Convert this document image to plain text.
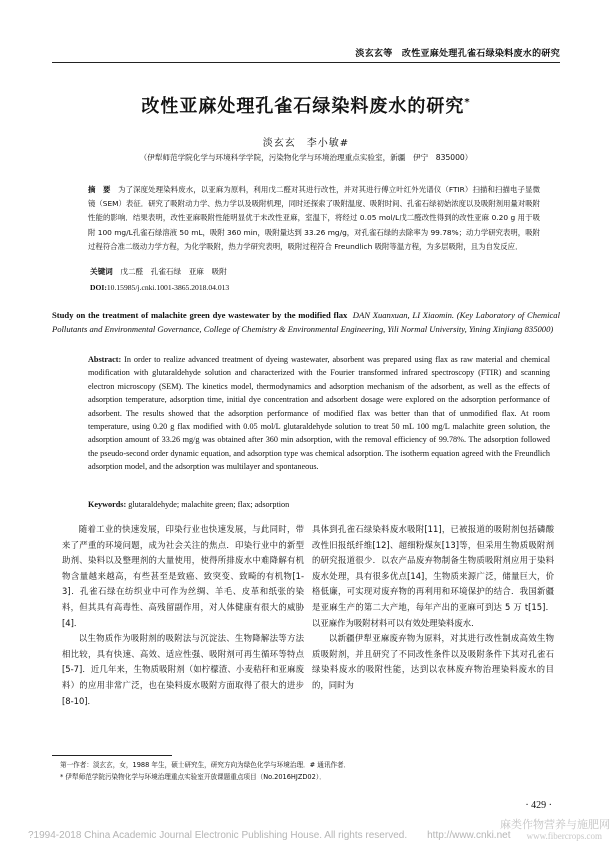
淡玄玄等　改性亚麻处理孔雀石绿染料废水的研究
改性亚麻处理孔雀石绿染料废水的研究*
淡玄玄　李小敏#
（伊犁师范学院化学与环境科学学院，污染物化学与环境治理重点实验室，新疆　伊宁　835000）
摘　要　 为了深度处理染料废水，以亚麻为原料，利用戊二醛对其进行改性，并对其进行傅立叶红外光谱仪（FTIR）扫描和扫描电子显微镜（SEM）表征．研究了吸附动力学、热力学以及吸附机理，同时还探索了吸附温度、吸附时间、孔雀石绿初始浓度以及吸附剂用量对吸附性能的影响．结果表明，改性亚麻吸附性能明显优于未改性亚麻，室温下，将经过 0.05 mol/L戊二醛改性得到的改性亚麻 0.20 g 用于吸附 100 mg/L孔雀石绿溶液 50 mL，吸附 360 min，吸附量达到 33.26 mg/g，对孔雀石绿的去除率为 99.78%；动力学研究表明，吸附过程符合准二级动力学方程，为化学吸附，热力学研究表明，吸附过程符合 Freundlich 吸附等温方程，为多层吸附，且为自发反应．
关键词　 戊二醛　孔雀石绿　亚麻　吸附
DOI:10.15985/j.cnki.1001-3865.2018.04.013
Study on the treatment of malachite green dye wastewater by the modified flax DAN Xuanxuan, LI Xiaomin. (Key Laboratory of Chemical Pollutants and Environmental Governance, College of Chemistry & Environmental Engineering, Yili Normal University, Yining Xinjiang 835000)
Abstract: In order to realize advanced treatment of dyeing wastewater, absorbent was prepared using flax as raw material and chemical modification with glutaraldehyde solution and characterized with the Fourier transformed infrared spectroscopy (FTIR) and scanning electron microscopy (SEM). The kinetics model, thermodynamics and adsorption mechanism of the adsorbent, as well as the effects of adsorption temperature, adsorption time, initial dye concentration and adsorbent dosage were explored on the adsorption performance of adsorbent. The results showed that the adsorption performance of modified flax was better than that of unmodified flax. At room temperature, using 0.20 g flax modified with 0.05 mol/L glutaraldehyde solution to treat 50 mL 100 mg/L malachite green solution, the adsorption amount of 33.26 mg/g was obtained after 360 min adsorption, with the removal efficiency of 99.78%. The adsorption followed the pseudo-second order dynamic equation, and adsorption type was chemical adsorption. The isotherm equation agreed with the Freundlich adsorption model, and the adsorption was multilayer and spontaneous.
Keywords: glutaraldehyde; malachite green; flax; adsorption

随着工业的快速发展，印染行业也快速发展，与此同时，带来了严重的环境问题，成为社会关注的焦点．印染行业中的新型助剂、染料以及整理剂的大量使用，使得所排废水中难降解有机物含量越来越高，有些甚至是致癌、致突变、致畸的有机物[1-3]．孔雀石绿在纺织业中可作为丝绸、羊毛、皮革和纸张的染料，但其具有高毒性、高残留副作用，对人体健康有很大的威胁[4]．

以生物质作为吸附剂的吸附法与沉淀法、生物降解法等方法相比较，具有快速、高效、适应性强、吸附剂可再生循环等特点[5-7]．近几年来，生物质吸附剂（如柠檬渣、小麦秸秆和亚麻废料）的应用非常广泛，也在染料废水吸附方面取得了很大的进步[8-10]．

具体到孔雀石绿染料废水吸附[11]，已被报道的吸附剂包括磷酸改性旧报纸纤维[12]、超细粉煤灰[13]等，但采用生物质吸附剂的研究报道很少．以农产品废弃物制备生物质吸附剂应用于染料废水处理，具有很多优点[14]，生物质来源广泛，储量巨大，价格低廉，可实现对废弃物的再利用和环境保护的结合．我国新疆是亚麻生产的第二大产地，每年产出的亚麻可到达 5 万 t[15]．以亚麻作为吸附材料可以有效处理染料废水．

以新疆伊犁亚麻废弃物为原料，对其进行改性制成高效生物质吸附剂，并且研究了不同改性条件以及吸附条件下其对孔雀石绿染料废水的吸附性能，达到以农林废弃物治理染料废水的目的，同时为

第一作者：淡玄玄，女，1988 年生，硕士研究生，研究方向为绿色化学与环境治理．# 通讯作者．
* 伊犁师范学院污染物化学与环境治理重点实验室开放课题重点项目（No.2016HJZD02）．
· 429 ·
?1994-2018 China Academic Journal Electronic Publishing House. All rights reserved.　　http://www.cnki.net
麻类作物营养与施肥网
www.fibercrops.com
